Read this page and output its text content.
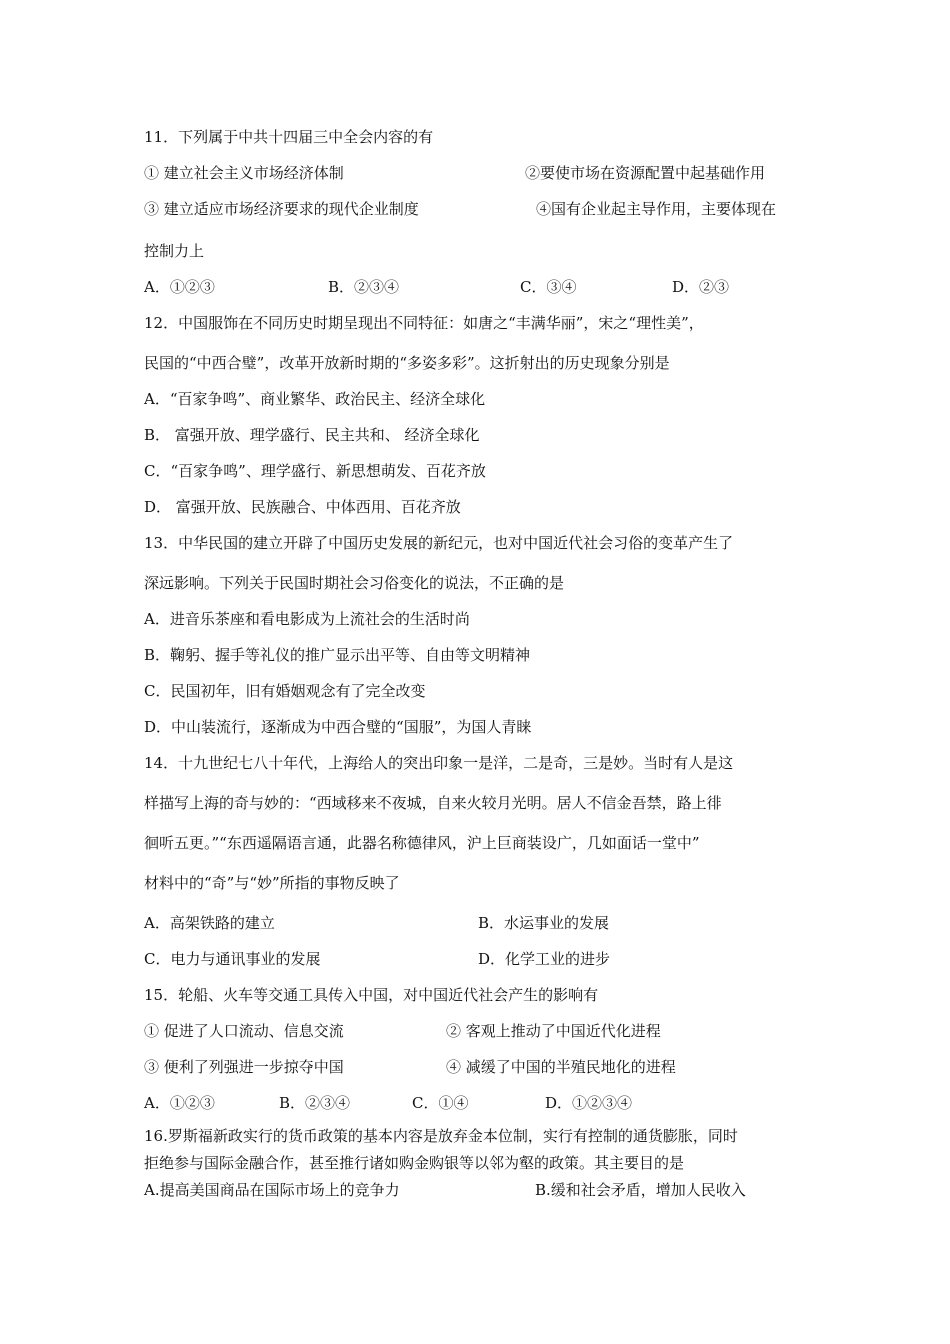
11．下列属于中共十四届三中全会内容的有
① 建立社会主义市场经济体制	②要使市场在资源配置中起基础作用
③ 建立适应市场经济要求的现代企业制度	④国有企业起主导作用，主要体现在
控制力上
A．①②③	B．②③④	C．③④	D．②③
12．中国服饰在不同历史时期呈现出不同特征：如唐之“丰满华丽”，宋之“理性美”，
民国的“中西合璧”，改革开放新时期的“多姿多彩”。这折射出的历史现象分别是
A．“百家争鸣”、商业繁华、政治民主、经济全球化
B． 富强开放、理学盛行、民主共和、 经济全球化
C．“百家争鸣”、理学盛行、新思想萌发、百花齐放
D． 富强开放、民族融合、中体西用、百花齐放
13．中华民国的建立开辟了中国历史发展的新纪元，也对中国近代社会习俗的变革产生了
深远影响。下列关于民国时期社会习俗变化的说法，不正确的是
A．进音乐茶座和看电影成为上流社会的生活时尚
B．鞠躬、握手等礼仪的推广显示出平等、自由等文明精神
C．民国初年，旧有婚姻观念有了完全改变
D．中山装流行，逐渐成为中西合璧的“国服”，为国人青睐
14．十九世纪七八十年代，上海给人的突出印象一是洋，二是奇，三是妙。当时有人是这
样描写上海的奇与妙的：“西域移来不夜城，自来火较月光明。居人不信金吾禁，路上徘
徊听五更。”“东西遥隔语言通，此器名称德律风，沪上巨商装设广，几如面话一堂中”
材料中的“奇”与“妙”所指的事物反映了
A．高架铁路的建立	B．水运事业的发展
C．电力与通讯事业的发展	D．化学工业的进步
15．轮船、火车等交通工具传入中国，对中国近代社会产生的影响有
① 促进了人口流动、信息交流	② 客观上推动了中国近代化进程
③ 便利了列强进一步掠夺中国	④ 减缓了中国的半殖民地化的进程
A．①②③	B．②③④	C．①④	D．①②③④
16.罗斯福新政实行的货币政策的基本内容是放弃金本位制，实行有控制的通货膨胀，同时
拒绝参与国际金融合作，甚至推行诸如购金购银等以邻为壑的政策。其主要目的是
A.提高美国商品在国际市场上的竞争力	B.缓和社会矛盾，增加人民收入
